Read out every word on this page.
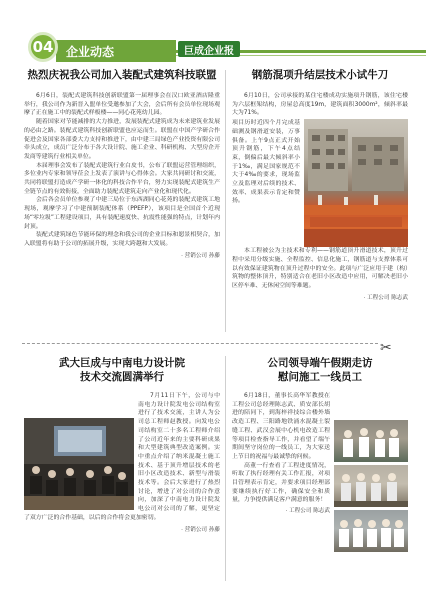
企业动态
04	巨成企业报
热烈庆祝我公司加入装配式建筑科技联盟

6月6日，装配式建筑科技创新联盟第一届理事会在汉口欧亚酒店隆重举行，我公司作为新晋入盟单位受邀参加了大会，会后所有会员单位现场观摩了正在施工中的装配式样板楼——同心花苑幼儿园。

随着国家对节能减排的大力推进，发展装配式建筑成为未来建筑业发展的必由之路。装配式建筑科技创新联盟也应运而生。联盟在中国产学研合作促进会及国家各部委大力支持和推进下，由中建三局绿色产业投资有限公司牵头成立，成员广泛分布于各大设计院、施工企业、科研机构、大型房企开发商等建筑行业相关单位。

本届理事会发布了装配式建筑行业白皮书，公布了联盟运营管理组织，多位业内专家和领导莅会上发表了演讲与心得体会。大家共同研讨和交流，共同将联盟打造成产学研一体化的科技合作平台，努力实现装配式建筑生产全链节点的有效衔接，全面助力装配式建筑走向产业化和现代化。

会后各会员单位参观了中建三局位于东西湖同心花苑的装配式建筑工地现场，观摩学习了中建预制装配体系（PPEFP），该项目是全国首个近现场“零垃圾”工程建设项目，具有装配速度快、抗震性能强的特点，计划年内封顶。

装配式建筑绿色节能环保的理念和我公司的企业目标和愿景相契合，加入联盟将有助于公司的拓展升级，实现大跨越和大发展。

· 营销公司 孙藤
钢筋混项升结层技术小试牛刀

6月10日，公司承接的某住宅楼成功实施项升钢筋，该住宅楼为六层框架结构，房屋总高度19m，建筑面积3000m²，倾斜率最大为71%。

项目历时近四个月完成基础测及钢滑道安装，万事俱备。上午9点正式开始顶升钢筋，下午4点结束，倒偏后最大倾斜率小于1‰，满足国家规范不大于4‰的要求，现场监立及监理对后续的技术、效率、成果表示肯定和赞扬。

本工程被公为主技术和专利——钢筋道顶升滑道技术，顶升过程中采用分级实施、全程监控、信息化施工，钢筋道与支撑体系可以有效保证建筑物在顶升过程中的安全。此项与广泛应用于建（构）筑物的整体顶升，特别适合在老旧小区改造中应用，可解决老旧小区停车难、无休闲空间等难题。

· 工程公司 陈志武
✂
武大巨成与中南电力设计院
技术交流圆满举行

7月11日下午，公司与中南电力设计院发电公司结构室进行了技术交流，主讲人为公司总工程师赵教授。向发电公司结构室二十多名工程师介绍了公司近年来的主要科研成果和大型建筑典型改造案例。实中重点介绍了纳米混凝土施工技术、基于顶升增层技术的老旧小区改造技术、新型与滑装技术等。会后大家进行了热烈讨论，增进了对公司的合作意向，加深了中南电力设计院发电公司对公司的了解，更坚定了双方广泛的合作基础，以后的合作将会更加密切。

· 营销公司 孙藤
公司领导端午假期走访
慰问施工一线员工

6月18日，董事长高华军教授在工程公司总经理陈志武、质安部长胡进的陪同下，到海梓祥技综合楼外墙改造工程、三阳路地铁涌水混凝土裂缝工程、武汉会展中心机电改造工程等项目检查指导工作，并看望了端午期间坚守岗位的一线员工，为大家送上节日的祝福与最诚挚的问候。

高董一行查看了工程进度情况，听取了执行经理有关工作汇报，对项目管理表示肯定，并要求项目经理部要继续执行好工作，确保安全和质量，力争提供满足客户满意的服务！

· 工程公司 陈志武
